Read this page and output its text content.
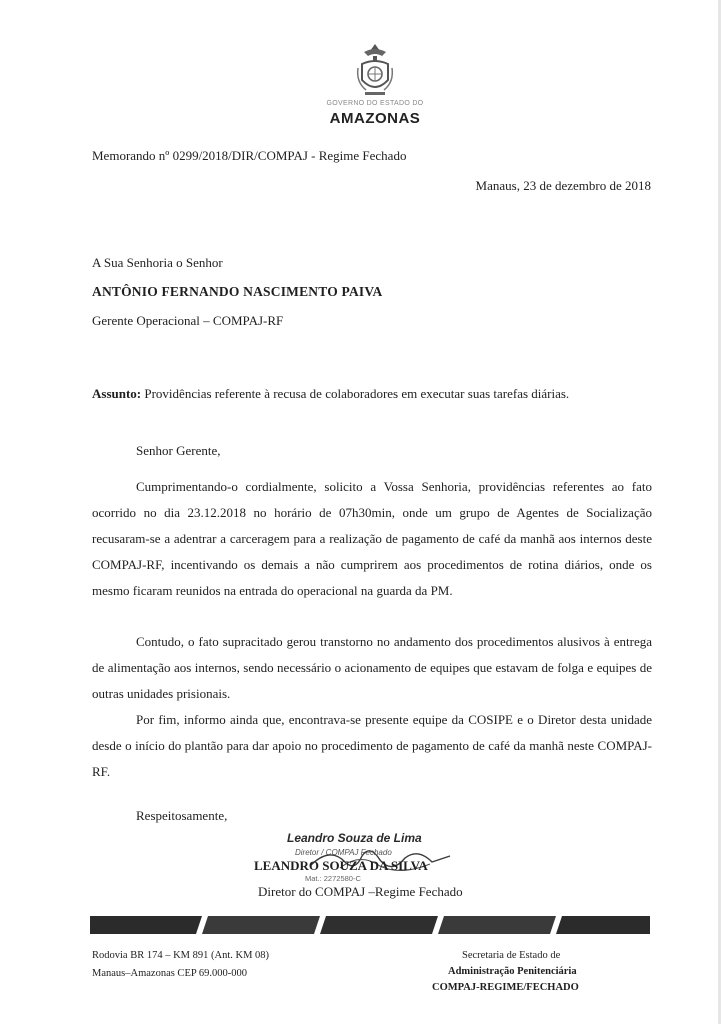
GOVERNO DO ESTADO DO
AMAZONAS
Memorando nº 0299/2018/DIR/COMPAJ - Regime Fechado
Manaus, 23 de dezembro de 2018
A Sua Senhoria o Senhor
ANTÔNIO FERNANDO NASCIMENTO PAIVA
Gerente Operacional – COMPAJ-RF
Assunto: Providências referente à recusa de colaboradores em executar suas tarefas diárias.
Senhor Gerente,

Cumprimentando-o cordialmente, solicito a Vossa Senhoria, providências referentes ao fato ocorrido no dia 23.12.2018 no horário de 07h30min, onde um grupo de Agentes de Socialização recusaram-se a adentrar a carceragem para a realização de pagamento de café da manhã aos internos deste COMPAJ-RF, incentivando os demais a não cumprirem aos procedimentos de rotina diários, onde os mesmo ficaram reunidos na entrada do operacional na guarda da PM.

Contudo, o fato supracitado gerou transtorno no andamento dos procedimentos alusivos à entrega de alimentação aos internos, sendo necessário o acionamento de equipes que estavam de folga e equipes de outras unidades prisionais.

Por fim, informo ainda que, encontrava-se presente equipe da COSIPE e o Diretor desta unidade desde o início do plantão para dar apoio no procedimento de pagamento de café da manhã neste COMPAJ-RF.

Respeitosamente,
Leandro Souza de Lima
Diretor / COMPAJ Fechado
LEANDRO SOUZA DA SILVA
Mat.: 2272580-C
Diretor do COMPAJ –Regime Fechado
Rodovia BR 174 – KM 891 (Ant. KM 08)
Manaus–Amazonas CEP 69.000-000
Secretaria de Estado de
Administração Penitenciária
COMPAJ-REGIME/FECHADO
